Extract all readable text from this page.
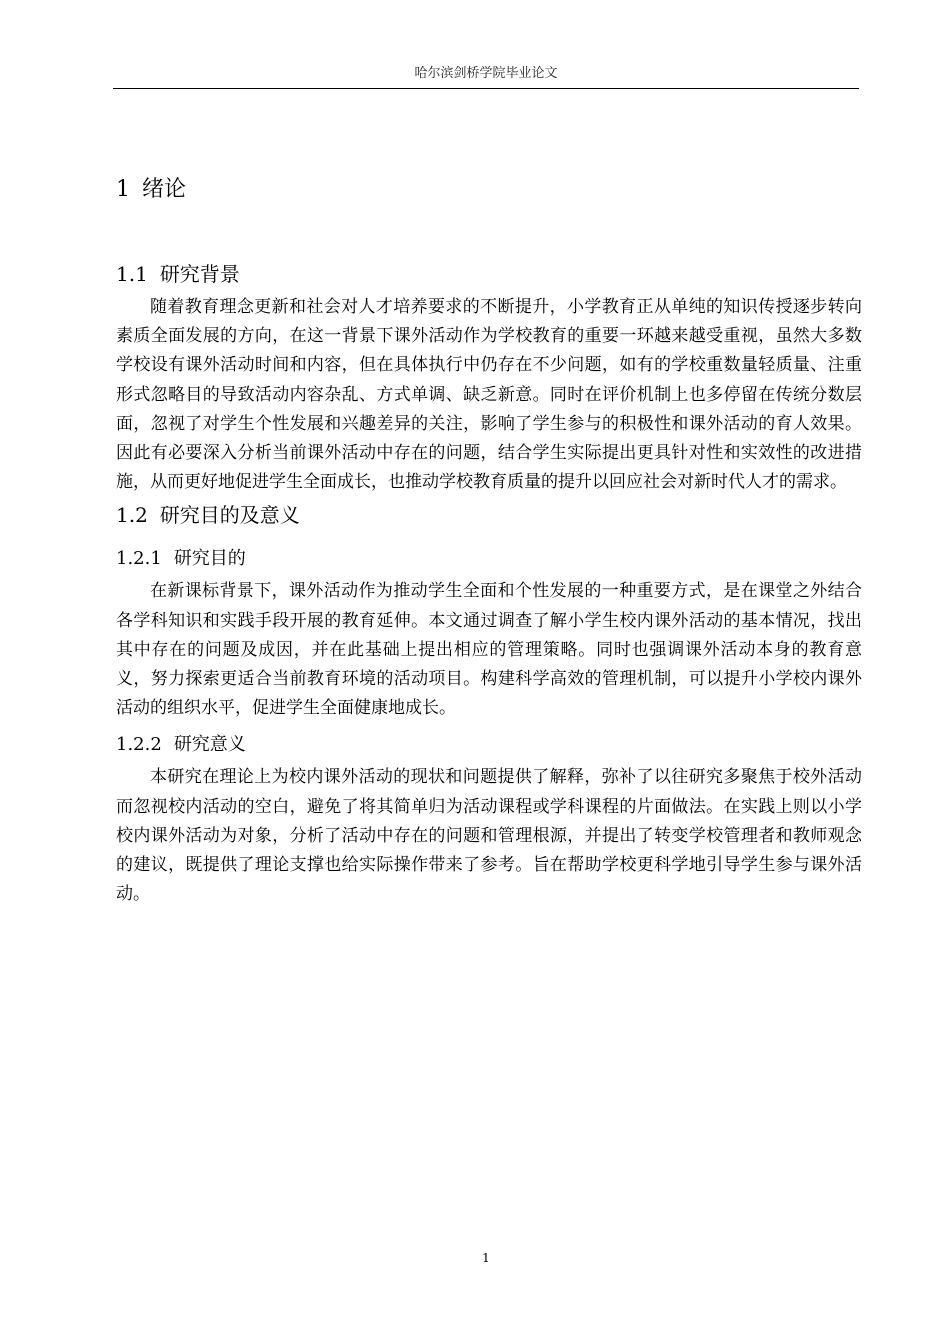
哈尔滨剑桥学院毕业论文
1 绪论
1.1 研究背景

随着教育理念更新和社会对人才培养要求的不断提升，小学教育正从单纯的知识传授逐步转向素质全面发展的方向，在这一背景下课外活动作为学校教育的重要一环越来越受重视，虽然大多数学校设有课外活动时间和内容，但在具体执行中仍存在不少问题，如有的学校重数量轻质量、注重形式忽略目的导致活动内容杂乱、方式单调、缺乏新意。同时在评价机制上也多停留在传统分数层面，忽视了对学生个性发展和兴趣差异的关注，影响了学生参与的积极性和课外活动的育人效果。因此有必要深入分析当前课外活动中存在的问题，结合学生实际提出更具针对性和实效性的改进措施，从而更好地促进学生全面成长，也推动学校教育质量的提升以回应社会对新时代人才的需求。

1.2 研究目的及意义
1.2.1 研究目的

在新课标背景下，课外活动作为推动学生全面和个性发展的一种重要方式，是在课堂之外结合各学科知识和实践手段开展的教育延伸。本文通过调查了解小学生校内课外活动的基本情况，找出其中存在的问题及成因，并在此基础上提出相应的管理策略。同时也强调课外活动本身的教育意义，努力探索更适合当前教育环境的活动项目。构建科学高效的管理机制，可以提升小学校内课外活动的组织水平，促进学生全面健康地成长。

1.2.2 研究意义

本研究在理论上为校内课外活动的现状和问题提供了解释，弥补了以往研究多聚焦于校外活动而忽视校内活动的空白，避免了将其简单归为活动课程或学科课程的片面做法。在实践上则以小学校内课外活动为对象，分析了活动中存在的问题和管理根源，并提出了转变学校管理者和教师观念的建议，既提供了理论支撑也给实际操作带来了参考。旨在帮助学校更科学地引导学生参与课外活动。

1
